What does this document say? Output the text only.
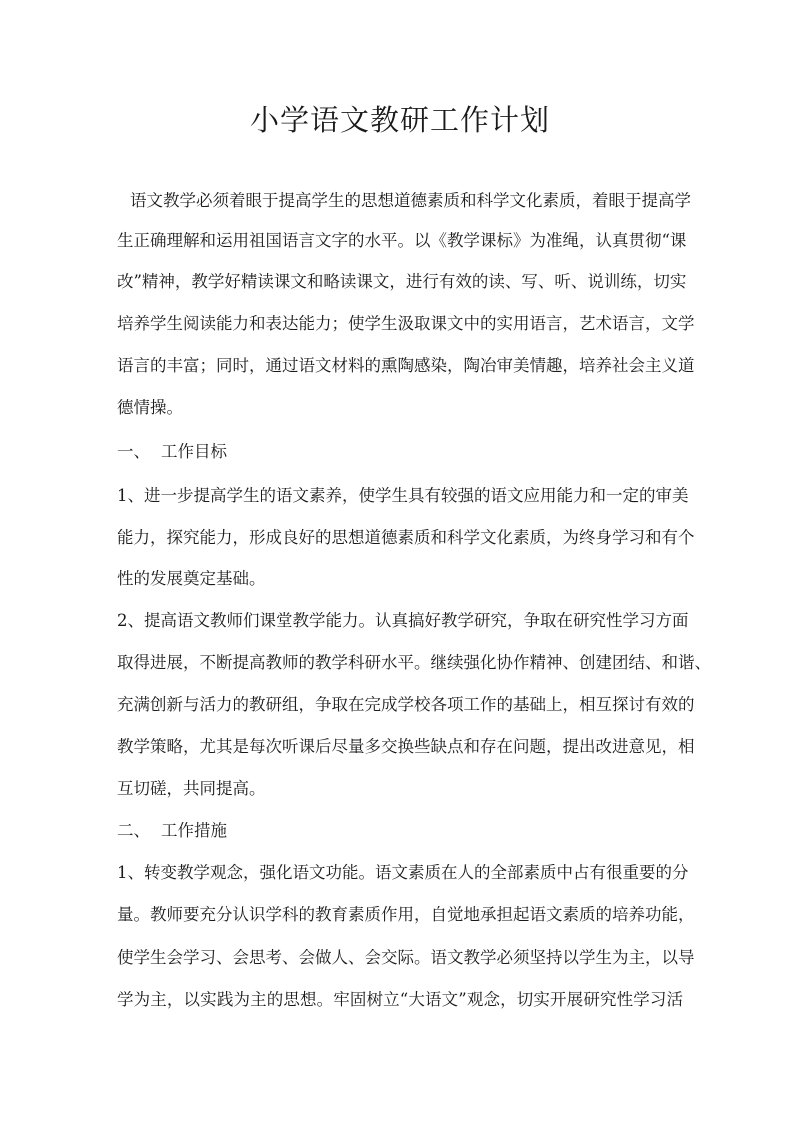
小学语文教研工作计划
语文教学必须着眼于提高学生的思想道德素质和科学文化素质，着眼于提高学
生正确理解和运用祖国语言文字的水平。以《教学课标》为准绳，认真贯彻“课
改”精神，教学好精读课文和略读课文，进行有效的读、写、听、说训练，切实
培养学生阅读能力和表达能力；使学生汲取课文中的实用语言，艺术语言，文学
语言的丰富；同时，通过语文材料的熏陶感染，陶冶审美情趣，培养社会主义道
德情操。
一、 工作目标
1、进一步提高学生的语文素养，使学生具有较强的语文应用能力和一定的审美
能力，探究能力，形成良好的思想道德素质和科学文化素质，为终身学习和有个
性的发展奠定基础。
2、提高语文教师们课堂教学能力。认真搞好教学研究，争取在研究性学习方面
取得进展，不断提高教师的教学科研水平。继续强化协作精神、创建团结、和谐、
充满创新与活力的教研组，争取在完成学校各项工作的基础上，相互探讨有效的
教学策略，尤其是每次听课后尽量多交换些缺点和存在问题，提出改进意见，相
互切磋，共同提高。
二、 工作措施
1、转变教学观念，强化语文功能。语文素质在人的全部素质中占有很重要的分
量。教师要充分认识学科的教育素质作用，自觉地承担起语文素质的培养功能，
使学生会学习、会思考、会做人、会交际。语文教学必须坚持以学生为主，以导
学为主，以实践为主的思想。牢固树立“大语文”观念，切实开展研究性学习活
